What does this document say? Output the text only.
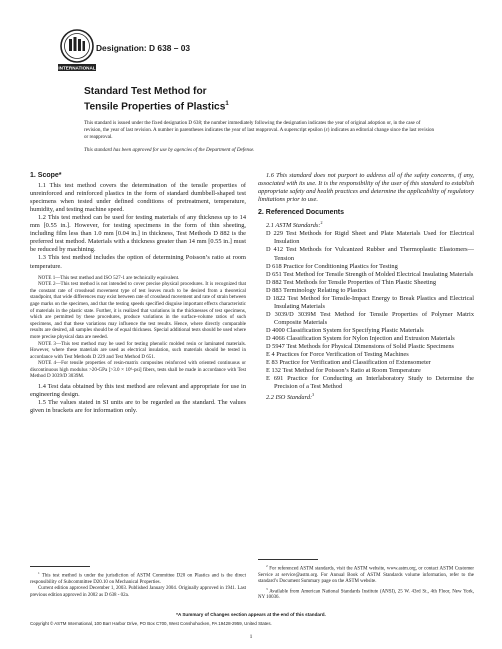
INTERNATIONAL
Designation: D 638 – 03
Standard Test Method for
Tensile Properties of Plastics$^1$
This standard is issued under the fixed designation D 638; the number immediately following the designation indicates the year of original adoption or, in the case of revision, the year of last revision. A number in parentheses indicates the year of last reapproval. A superscript epsilon (ε) indicates an editorial change since the last revision or reapproval.
This standard has been approved for use by agencies of the Department of Defense.
1. Scope*
1.1 This test method covers the determination of the tensile properties of unreinforced and reinforced plastics in the form of standard dumbbell-shaped test specimens when tested under defined conditions of pretreatment, temperature, humidity, and testing machine speed.
1.2 This test method can be used for testing materials of any thickness up to 14 mm [0.55 in.]. However, for testing specimens in the form of thin sheeting, including film less than 1.0 mm [0.04 in.] in thickness, Test Methods D 882 is the preferred test method. Materials with a thickness greater than 14 mm [0.55 in.] must be reduced by machining.
1.3 This test method includes the option of determining Poisson’s ratio at room temperature.
NOTE 1—This test method and ISO 527-1 are technically equivalent.
NOTE 2—This test method is not intended to cover precise physical procedures. It is recognized that the constant rate of crosshead movement type of test leaves much to be desired from a theoretical standpoint, that wide differences may exist between rate of crosshead movement and rate of strain between gage marks on the specimen, and that the testing speeds specified disguise important effects characteristic of materials in the plastic state. Further, it is realized that variations in the thicknesses of test specimens, which are permitted by these procedures, produce variations in the surface-volume ratios of such specimens, and that these variations may influence the test results. Hence, where directly comparable results are desired, all samples should be of equal thickness. Special additional tests should be used where more precise physical data are needed.
NOTE 3—This test method may be used for testing phenolic molded resin or laminated materials. However, where these materials are used as electrical insulation, such materials should be tested in accordance with Test Methods D 229 and Test Method D 651.
NOTE 4—For tensile properties of resin-matrix composites reinforced with oriented continuous or discontinuous high modulus >20-GPa [>3.0 × 10⁶-psi] fibers, tests shall be made in accordance with Test Method D 3039/D 3039M.
1.4 Test data obtained by this test method are relevant and appropriate for use in engineering design.
1.5 The values stated in SI units are to be regarded as the standard. The values given in brackets are for information only.
$^1$ This test method is under the jurisdiction of ASTM Committee D20 on Plastics and is the direct responsibility of Subcommittee D20.10 on Mechanical Properties.
Current edition approved December 1, 2003. Published January 2004. Originally approved in 1941. Last previous edition approved in 2002 as D 638 - 02a.
1.6 This standard does not purport to address all of the safety concerns, if any, associated with its use. It is the responsibility of the user of this standard to establish appropriate safety and health practices and determine the applicability of regulatory limitations prior to use.
2. Referenced Documents
2.1 ASTM Standards:$^2$
D 229 Test Methods for Rigid Sheet and Plate Materials Used for Electrical Insulation
D 412 Test Methods for Vulcanized Rubber and Thermoplastic Elastomers—Tension
D 618 Practice for Conditioning Plastics for Testing
D 651 Test Method for Tensile Strength of Molded Electrical Insulating Materials
D 882 Test Methods for Tensile Properties of Thin Plastic Sheeting
D 883 Terminology Relating to Plastics
D 1822 Test Method for Tensile-Impact Energy to Break Plastics and Electrical Insulating Materials
D 3039/D 3039M Test Method for Tensile Properties of Polymer Matrix Composite Materials
D 4000 Classification System for Specifying Plastic Materials
D 4066 Classification System for Nylon Injection and Extrusion Materials
D 5947 Test Methods for Physical Dimensions of Solid Plastic Specimens
E 4 Practices for Force Verification of Testing Machines
E 83 Practice for Verification and Classification of Extensometer
E 132 Test Method for Poisson’s Ratio at Room Temperature
E 691 Practice for Conducting an Interlaboratory Study to Determine the Precision of a Test Method
2.2 ISO Standard:$^3$
$^2$ For referenced ASTM standards, visit the ASTM website, www.astm.org, or contact ASTM Customer Service at service@astm.org. For Annual Book of ASTM Standards volume information, refer to the standard’s Document Summary page on the ASTM website.
$^3$ Available from American National Standards Institute (ANSI), 25 W. 43rd St., 4th Floor, New York, NY 10036.
*A Summary of Changes section appears at the end of this standard.
Copyright © ASTM International, 100 Barr Harbor Drive, PO Box C700, West Conshohocken, PA 19428-2959, United States.
1
